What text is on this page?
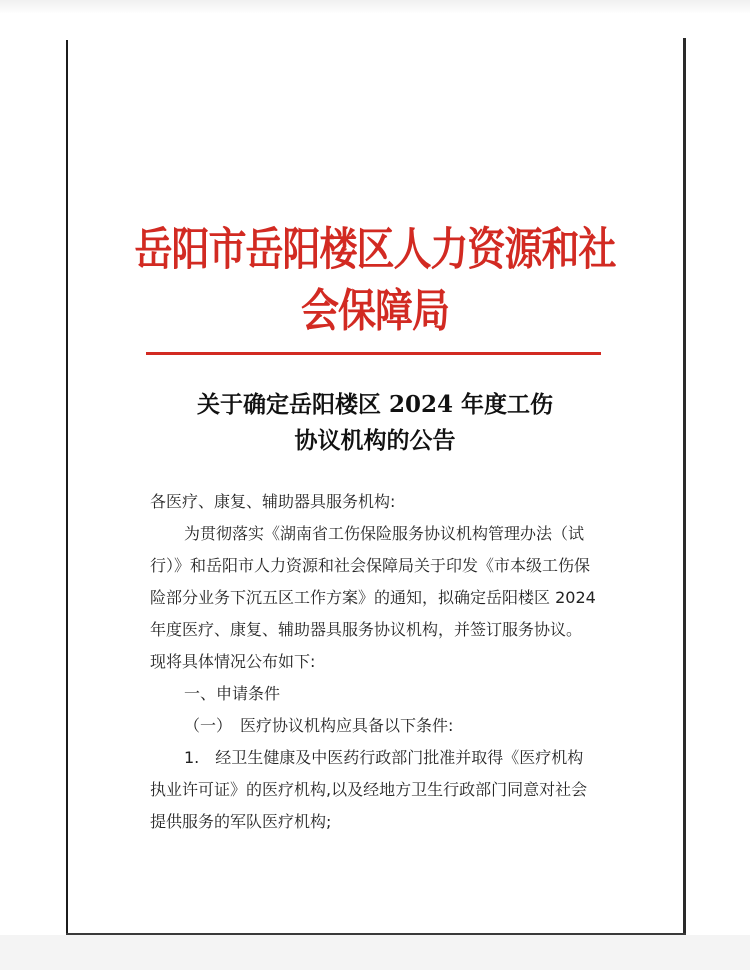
岳阳市岳阳楼区人力资源和社会保障局
关于确定岳阳楼区 2024 年度工伤
协议机构的公告
各医疗、康复、辅助器具服务机构:
为贯彻落实《湖南省工伤保险服务协议机构管理办法（试
行）》和岳阳市人力资源和社会保障局关于印发《市本级工伤保
险部分业务下沉五区工作方案》的通知，拟确定岳阳楼区 2024
年度医疗、康复、辅助器具服务协议机构，并签订服务协议。
现将具体情况公布如下:
一、申请条件
（一）　医疗协议机构应具备以下条件:
1.　经卫生健康及中医药行政部门批准并取得《医疗机构
执业许可证》的医疗机构,以及经地方卫生行政部门同意对社会
提供服务的军队医疗机构;
